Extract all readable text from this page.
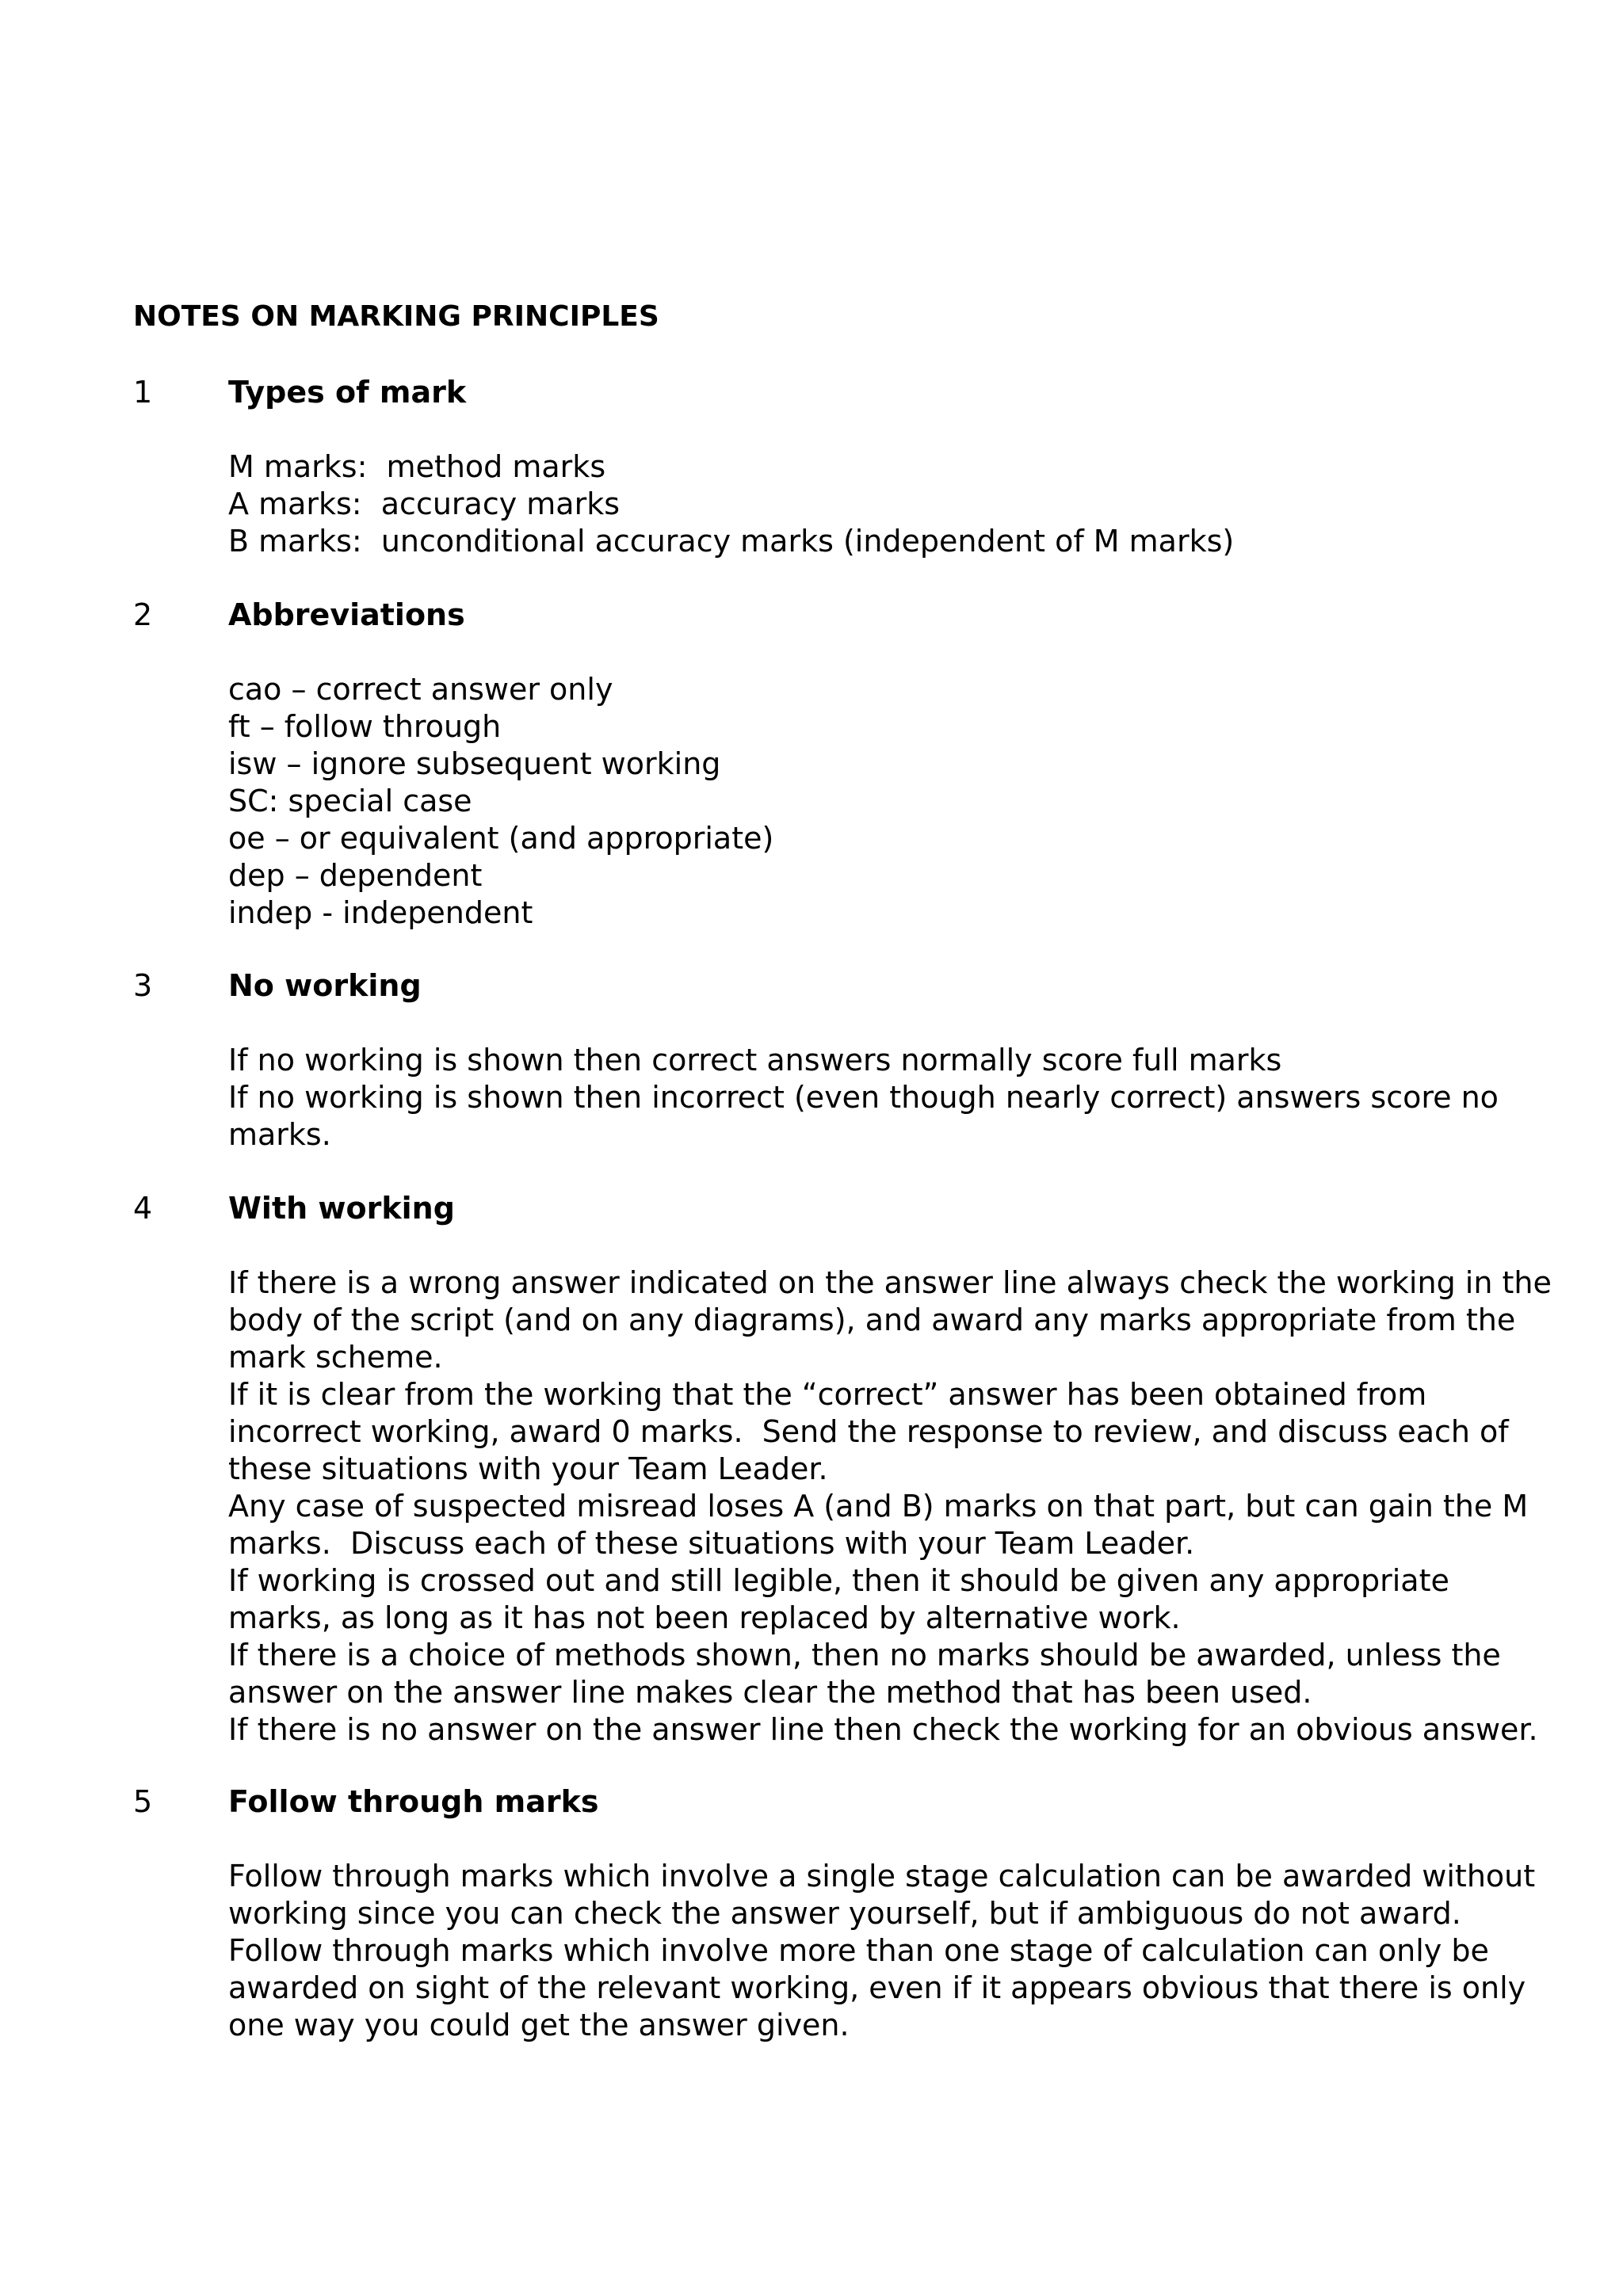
NOTES ON MARKING PRINCIPLES
1	Types of mark
M marks:  method marks
A marks:  accuracy marks
B marks:  unconditional accuracy marks (independent of M marks)
2	Abbreviations
cao – correct answer only
ft – follow through
isw – ignore subsequent working
SC: special case
oe – or equivalent (and appropriate)
dep – dependent
indep - independent
3	No working
If no working is shown then correct answers normally score full marks
If no working is shown then incorrect (even though nearly correct) answers score no
marks.
4	With working
If there is a wrong answer indicated on the answer line always check the working in the
body of the script (and on any diagrams), and award any marks appropriate from the
mark scheme.
If it is clear from the working that the “correct” answer has been obtained from
incorrect working, award 0 marks.  Send the response to review, and discuss each of
these situations with your Team Leader.
Any case of suspected misread loses A (and B) marks on that part, but can gain the M
marks.  Discuss each of these situations with your Team Leader.
If working is crossed out and still legible, then it should be given any appropriate
marks, as long as it has not been replaced by alternative work.
If there is a choice of methods shown, then no marks should be awarded, unless the
answer on the answer line makes clear the method that has been used.
If there is no answer on the answer line then check the working for an obvious answer.
5	Follow through marks
Follow through marks which involve a single stage calculation can be awarded without
working since you can check the answer yourself, but if ambiguous do not award.
Follow through marks which involve more than one stage of calculation can only be
awarded on sight of the relevant working, even if it appears obvious that there is only
one way you could get the answer given.
